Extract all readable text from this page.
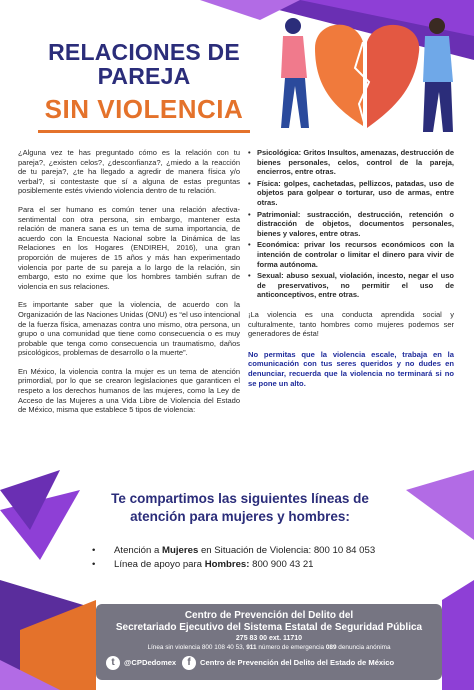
RELACIONES DE
PAREJA
SIN VIOLENCIA

¿Alguna vez te has preguntado cómo es la relación con tu pareja?, ¿existen celos?, ¿desconfianza?, ¿miedo a la reacción de tu pareja?, ¿te ha llegado a agredir de manera física y/o verbal?, si contestaste que sí a alguna de estas preguntas posiblemente estés viviendo violencia dentro de tu relación.

Para el ser humano es común tener una relación afectiva-sentimental con otra persona, sin embargo, mantener esta relación de manera sana es un tema de suma importancia, de acuerdo con la Encuesta Nacional sobre la Dinámica de las Relaciones en los Hogares (ENDIREH, 2016), una gran proporción de mujeres de 15 años y más han experimentado violencia por parte de su pareja a lo largo de la relación, sin embargo, esto no exime que los hombres también sufran de violencia en sus relaciones.

Es importante saber que la violencia, de acuerdo con la Organización de las Naciones Unidas (ONU) es “el uso intencional de la fuerza física, amenazas contra uno mismo, otra persona, un grupo o una comunidad que tiene como consecuencia o es muy probable que tenga como consecuencia un traumatismo, daños psicológicos, problemas de desarrollo o la muerte”.

En México, la violencia contra la mujer es un tema de atención primordial, por lo que se crearon legislaciones que garanticen el respeto a los derechos humanos de las mujeres, como la Ley de Acceso de las Mujeres a una Vida Libre de Violencia del Estado de México, misma que establece 5 tipos de violencia:

• Psicológica: Gritos Insultos, amenazas, destrucción de bienes personales, celos, control de la pareja, encierros, entre otras.
• Física: golpes, cachetadas, pellizcos, patadas, uso de objetos para golpear o torturar, uso de armas, entre otras.
• Patrimonial: sustracción, destrucción, retención o distracción de objetos, documentos personales, bienes y valores, entre otras.
• Económica: privar los recursos económicos con la intención de controlar o limitar el dinero para vivir de forma autónoma.
• Sexual: abuso sexual, violación, incesto, negar el uso de preservativos, no permitir el uso de anticonceptivos, entre otras.
¡La violencia es una conducta aprendida social y culturalmente, tanto hombres como mujeres podemos ser generadores de ésta!
No permitas que la violencia escale, trabaja en la comunicación con tus seres queridos y no dudes en denunciar, recuerda que la violencia no terminará si no se pone un alto.
Te compartimos las siguientes líneas de
atención para mujeres y hombres:
• Atención a Mujeres en Situación de Violencia: 800 10 84 053
• Línea de apoyo para Hombres: 800 900 43 21
Centro de Prevención del Delito del
Secretariado Ejecutivo del Sistema Estatal de Seguridad Pública
275 83 00 ext. 11710
Línea sin violencia 800 108 40 53, 911 número de emergencia 089 denuncia anónima
t	@CPDedomex	f	Centro de Prevención del Delito del Estado de México
